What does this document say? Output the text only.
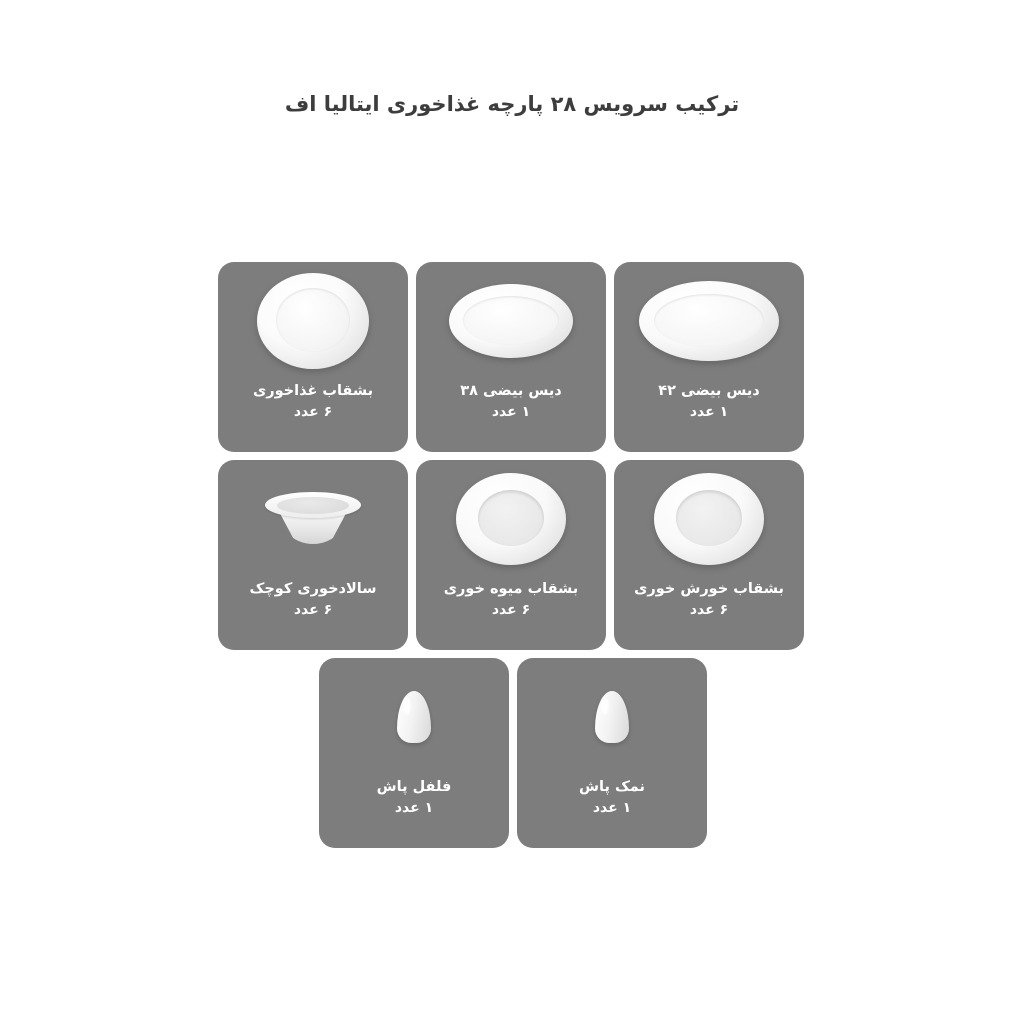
ترکیب سرویس ۲۸ پارچه غذاخوری ایتالیا اف
بشقاب غذاخوری
۶ عدد
دیس بیضی ۳۸
۱ عدد
دیس بیضی ۴۲
۱ عدد
سالادخوری کوچک
۶ عدد
بشقاب میوه خوری
۶ عدد
بشقاب خورش خوری
۶ عدد
فلفل پاش
۱ عدد
نمک پاش
۱ عدد
